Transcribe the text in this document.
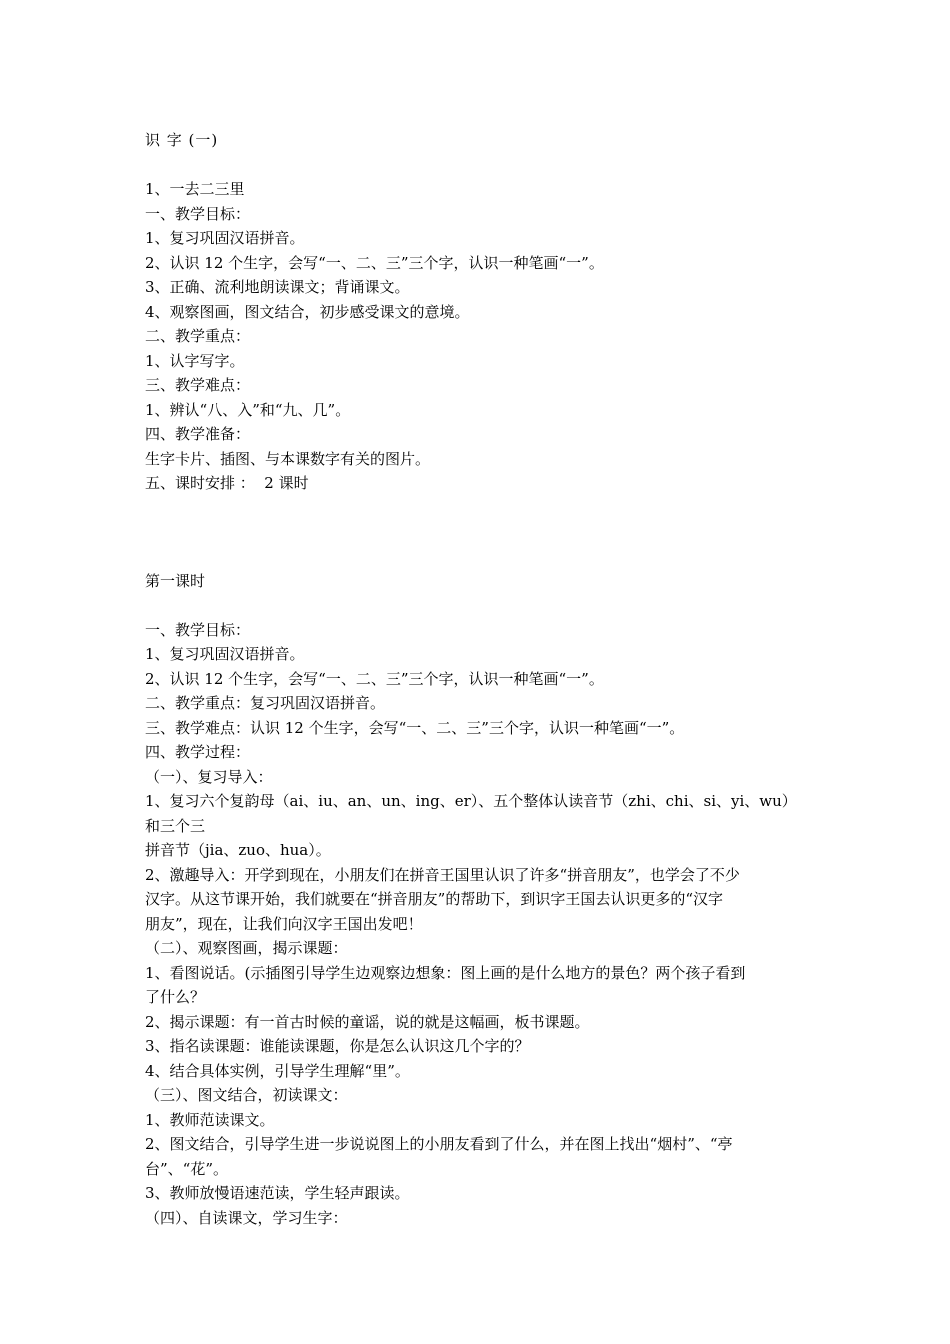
识 字 (一)
1、一去二三里
一、教学目标：
1、复习巩固汉语拼音。
2、认识 12 个生字，会写“一、二、三”三个字，认识一种笔画“一”。
3、正确、流利地朗读课文；背诵课文。
4、观察图画，图文结合，初步感受课文的意境。
二、教学重点：
1、认字写字。
三、教学难点：
1、辨认“八、入”和“九、几”。
四、教学准备：
生字卡片、插图、与本课数字有关的图片。
五、课时安排 ：  2 课时
第一课时
一、教学目标：
1、复习巩固汉语拼音。
2、认识 12 个生字，会写“一、二、三”三个字，认识一种笔画“一”。
二、教学重点：复习巩固汉语拼音。
三、教学难点：认识 12 个生字，会写“一、二、三”三个字，认识一种笔画“一”。
四、教学过程：
（一）、复习导入：
1、复习六个复韵母（ai、iu、an、un、ing、er）、五个整体认读音节（zhi、chi、si、yi、wu）和三个三
拼音节（jia、zuo、hua）。
2、激趣导入：开学到现在，小朋友们在拼音王国里认识了许多“拼音朋友”，也学会了不少
汉字。从这节课开始，我们就要在“拼音朋友”的帮助下，到识字王国去认识更多的“汉字
朋友”，现在，让我们向汉字王国出发吧！
（二）、观察图画，揭示课题：
1、看图说话。(示插图引导学生边观察边想象：图上画的是什么地方的景色？两个孩子看到
了什么？
2、揭示课题：有一首古时候的童谣，说的就是这幅画，板书课题。
3、指名读课题：谁能读课题，你是怎么认识这几个字的？
4、结合具体实例，引导学生理解“里”。
（三）、图文结合，初读课文：
1、教师范读课文。
2、图文结合，引导学生进一步说说图上的小朋友看到了什么，并在图上找出“烟村”、“亭
台”、“花”。
3、教师放慢语速范读，学生轻声跟读。
（四）、自读课文，学习生字：
